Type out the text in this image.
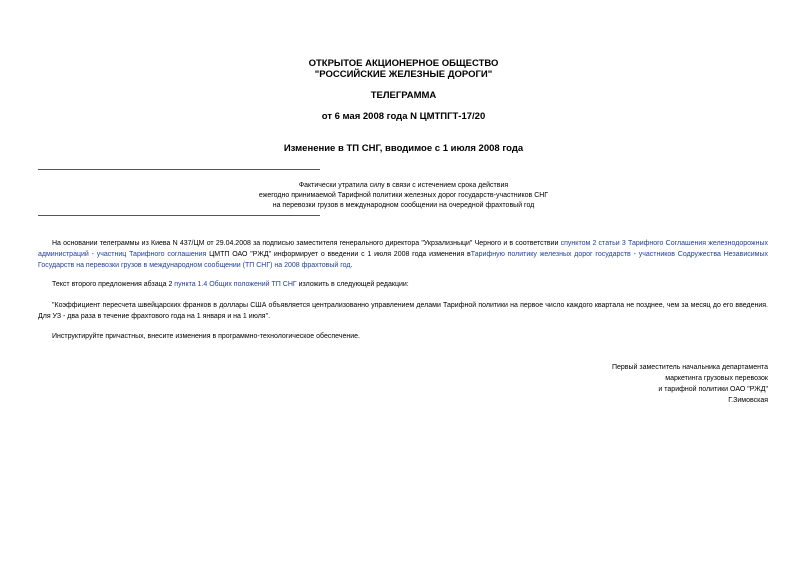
ОТКРЫТОЕ АКЦИОНЕРНОЕ ОБЩЕСТВО
"РОССИЙСКИЕ ЖЕЛЕЗНЫЕ ДОРОГИ"
ТЕЛЕГРАММА
от 6 мая 2008 года N ЦМТПГТ-17/20
Изменение в ТП СНГ, вводимое с 1 июля 2008 года
Фактически утратила силу в связи с истечением срока действия
ежегодно принимаемой Тарифной политики железных дорог государств-участников СНГ
на перевозки грузов в международном сообщении на очередной фрахтовый год
На основании телеграммы из Киева N 437/ЦМ от 29.04.2008 за подписью заместителя генерального директора "Укрзализныци" Черного и в соответствии спунктом 2 статьи 3 Тарифного Соглашения железнодорожных администраций - участниц Тарифного соглашения ЦМТП ОАО "РЖД" информирует о введении с 1 июля 2008 года изменения вТарифную политику железных дорог государств - участников Содружества Независимых Государств на перевозки грузов в международном сообщении (ТП СНГ) на 2008 фрахтовый год.
Текст второго предложения абзаца 2 пункта 1.4 Общих положений ТП СНГ изложить в следующей редакции:
"Коэффициент пересчета швейцарских франков в доллары США объявляется централизованно управлением делами Тарифной политики на первое число каждого квартала не позднее, чем за месяц до его введения. Для УЗ - два раза в течение фрахтового года на 1 января и на 1 июля".
Инструктируйте причастных, внесите изменения в программно-технологическое обеспечение.
Первый заместитель начальника департамента
маркетинга грузовых перевозок
и тарифной политики ОАО "РЖД"
Г.Зимовская
